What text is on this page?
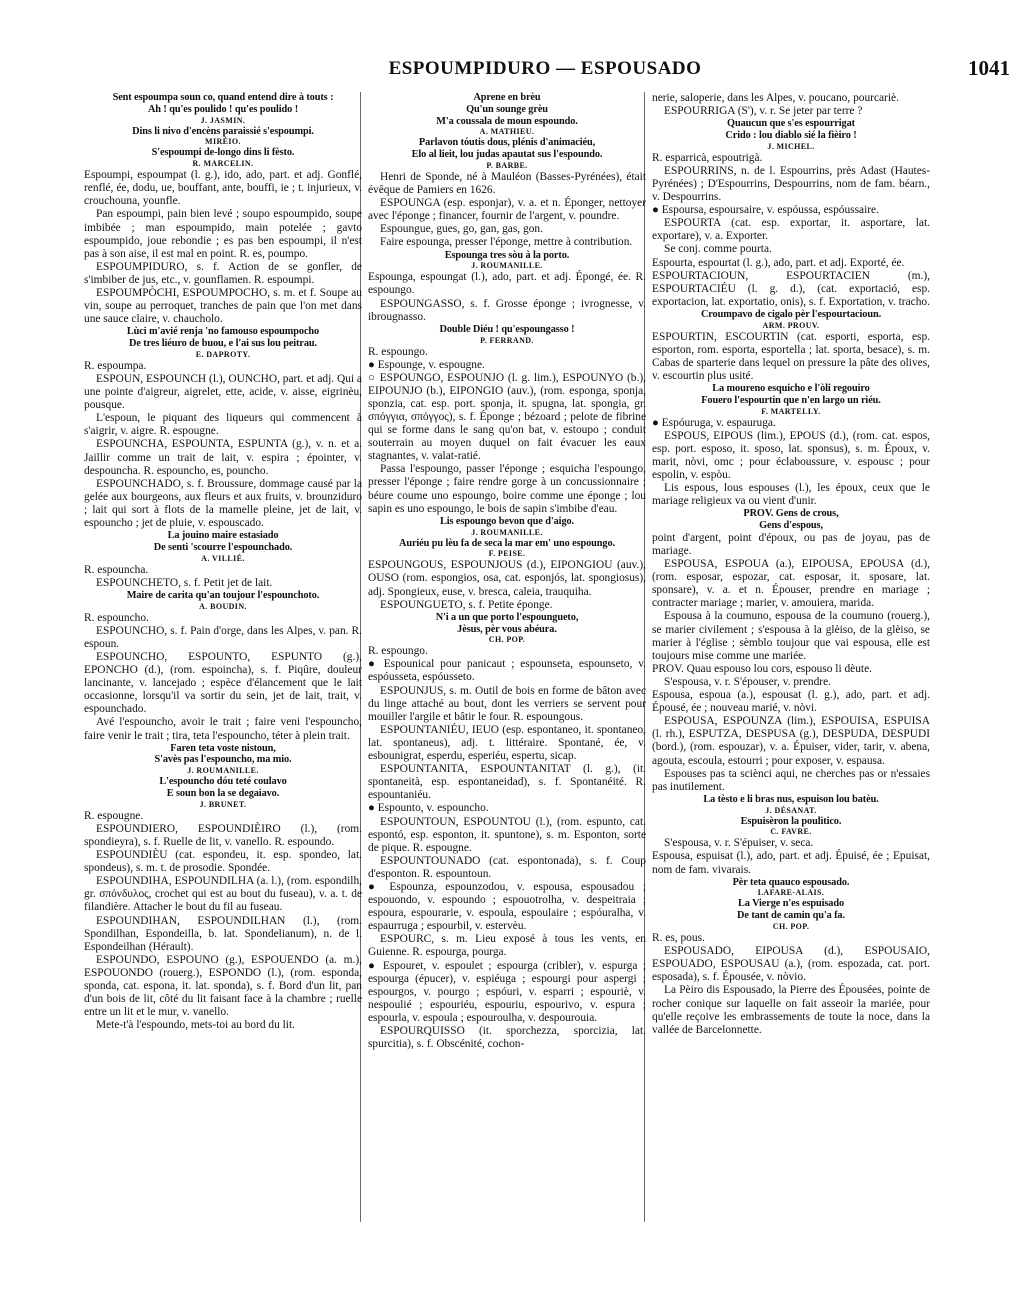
ESPOUMPIDURO — ESPOUSADO	1041

Sent espoumpa soun co, quand entend dire à touts :

Ah ! qu'es poulido ! qu'es poulido !

J. JASMIN.

Dins li nivo d'encèns paraissié s'espoumpi.

MIRÈIO.

S'espoumpi de-longo dins li fèsto.

R. MARCELIN.

Espoumpi, espoumpat (l. g.), ido, ado, part. et adj. Gonflé, renflé, ée, dodu, ue, bouffant, ante, bouffi, ie ; t. injurieux, v. crouchouna, younfle.

Pan espoumpi, pain bien levé ; soupo espoumpido, soupe imbibée ; man espoumpido, main potelée ; gavto espoumpido, joue rebondie ; es pas ben espoumpi, il n'est pas à son aise, il est mal en point. R. es, poumpo.

ESPOUMPIDURO, s. f. Action de se gonfler, de s'imbiber de jus, etc., v. gounflamen. R. espoumpi.

ESPOUMPÒCHI, ESPOUMPOCHO, s. m. et f. Soupe au vin, soupe au perroquet, tranches de pain que l'on met dans une sauce claire, v. chaucholo.

Lùci m'avié renja 'no famouso espoumpocho

De tres liéuro de buou, e l'ai sus lou peitrau.

E. DAPROTY.

R. espoumpa.

ESPOUN, ESPOUNCH (l.), OUNCHO, part. et adj. Qui a une pointe d'aigreur, aigrelet, ette, acide, v. aisse, eigrinèu, pousque.

L'espoun, le piquant des liqueurs qui commencent à s'aigrir, v. aigre. R. espougne.

ESPOUNCHA, ESPOUNTA, ESPUNTA (g.), v. n. et a. Jaillir comme un trait de lait, v. espira ; épointer, v. despouncha. R. espouncho, es, pouncho.

ESPOUNCHADO, s. f. Broussure, dommage causé par la gelée aux bourgeons, aux fleurs et aux fruits, v. brounziduro ; lait qui sort à flots de la mamelle pleine, jet de lait, v. espouncho ; jet de pluie, v. espouscado.

La jouino maire estasiado

De senti 'scourre l'espounchado.

A. VILLIÉ.

R. espouncha.

ESPOUNCHETO, s. f. Petit jet de lait.

Maire de carita qu'an toujour l'espounchoto.

A. BOUDIN.

R. espouncho.

ESPOUNCHO, s. f. Pain d'orge, dans les Alpes, v. pan. R. espoun.

ESPOUNCHO, ESPOUNTO, ESPUNTO (g.), EPONCHO (d.), (rom. espoincha), s. f. Piqûre, douleur lancinante, v. lancejado ; espèce d'élancement que le lait occasionne, lorsqu'il va sortir du sein, jet de lait, trait, v. espounchado.

Avé l'espouncho, avoir le trait ; faire veni l'espouncho, faire venir le trait ; tira, teta l'espouncho, téter à plein trait.

Faren teta voste nistoun,

S'avès pas l'espouncho, ma mio.

J. ROUMANILLE.

L'espouncho dóu teté coulavo

E soun bon la se degaiavo.

J. BRUNET.

R. espougne.

ESPOUNDIERO, ESPOUNDIÈIRO (l.), (rom. spondieyra), s. f. Ruelle de lit, v. vanello. R. espoundo.

ESPOUNDIÈU (cat. espondeu, it. esp. spondeo, lat. spondeus), s. m. t. de prosodie. Spondée.

ESPOUNDIHA, ESPOUNDILHA (a. l.), (rom. espondilh, gr. σπόνδυλος, crochet qui est au bout du fuseau), v. a. t. de filandière. Attacher le bout du fil au fuseau.

ESPOUNDIHAN, ESPOUNDILHAN (l.), (rom. Spondilhan, Espondeilla, b. lat. Spondelianum), n. de l. Espondeilhan (Hérault).

ESPOUNDO, ESPOUNO (g.), ESPOUENDO (a. m.), ESPOUONDO (rouerg.), ESPONDO (l.), (rom. esponda, sponda, cat. espona, it. lat. sponda), s. f. Bord d'un lit, pan d'un bois de lit, côté du lit faisant face à la chambre ; ruelle entre un lit et le mur, v. vanello.

Mete-t'à l'espoundo, mets-toi au bord du lit.

Aprene en brèu

Qu'un sounge grèu

M'a coussala de moun espoundo.

A. MATHIEU.

Parlavon tóutis dous, plénis d'animaciéu,

Elo al lieit, lou judas apautat sus l'espoundo.

P. BARBE.

Henri de Sponde, né à Mauléon (Basses-Pyrénées), était évêque de Pamiers en 1626.

ESPOUNGA (esp. esponjar), v. a. et n. Éponger, nettoyer avec l'éponge ; financer, fournir de l'argent, v. poundre.

Espoungue, gues, go, gan, gas, gon.

Faire espounga, presser l'éponge, mettre à contribution.

Espounga tres sòu à la porto.

J. ROUMANILLE.

Espounga, espoungat (l.), ado, part. et adj. Épongé, ée. R. espoungo.

ESPOUNGASSO, s. f. Grosse éponge ; ivrognesse, v. ibrougnasso.

Double Diéu ! qu'espoungasso !

P. FERRAND.

R. espoungo.

● Espounge, v. espougne.

○ ESPOUNGO, ESPOUNJO (l. g. lim.), ESPOUNYO (b.), EIPOUNJO (b.), EIPONGIO (auv.), (rom. esponga, sponja, sponzia, cat. esp. port. sponja, it. spugna, lat. spongia, gr. σπόγγια, σπόγγος), s. f. Éponge ; bézoard ; pelote de fibrine qui se forme dans le sang qu'on bat, v. estoupo ; conduit souterrain au moyen duquel on fait évacuer les eaux stagnantes, v. valat-ratié.

Passa l'espoungo, passer l'éponge ; esquicha l'espoungo, presser l'éponge ; faire rendre gorge à un concussionnaire ; béure coume uno espoungo, boire comme une éponge ; lou sapin es uno espoungo, le bois de sapin s'imbibe d'eau.

Lis espoungo bevon que d'aigo.

J. ROUMANILLE.

Auriéu pu lèu fa de seca la mar em' uno espoungo.

F. PEISE.

ESPOUNGOUS, ESPOUNJOUS (d.), EIPONGIOU (auv.), OUSO (rom. espongios, osa, cat. esponjós, lat. spongiosus), adj. Spongieux, euse, v. bresca, caleia, trauquiha.

ESPOUNGUETO, s. f. Petite éponge.

N'i a un que porto l'espoungueto,

Jèsus, pèr vous abéura.

CH. POP.

R. espoungo.

● Espounical pour panicaut ; espounseta, espounseto, v. espóusseta, espóusseto.

ESPOUNJUS, s. m. Outil de bois en forme de bâton avec du linge attaché au bout, dont les verriers se servent pour mouiller l'argile et bâtir le four. R. espoungous.

ESPOUNTANIÉU, IEUO (esp. espontaneo, it. spontaneo, lat. spontaneus), adj. t. littéraire. Spontané, ée, v. esbounigrat, esperdu, esperiéu, espertu, sicap.

ESPOUNTANITA, ESPOUNTANITAT (l. g.), (it. spontaneità, esp. espontaneidad), s. f. Spontanéité. R. espountaniéu.

● Espounto, v. espouncho.

ESPOUNTOUN, ESPOUNTOU (l.), (rom. espunto, cat. espontó, esp. esponton, it. spuntone), s. m. Esponton, sorte de pique. R. espougne.

ESPOUNTOUNADO (cat. espontonada), s. f. Coup d'esponton. R. espountoun.

● Espounza, espounzodou, v. espousa, espousadou ; espouondo, v. espoundo ; espouotrolha, v. despeitraia ; espoura, espourarie, v. espoula, espoulaire ; espóuralha, v. espaurruga ; espourbil, v. estervèu.

ESPOURC, s. m. Lieu exposé à tous les vents, en Guienne. R. espourga, pourga.

● Espouret, v. espoulet ; espourga (cribler), v. espurga ; espourga (épucer), v. espiéuga ; espourgi pour aspergi ; espourgos, v. pourgo ; espóuri, v. esparri ; espouriè, v. nespoulié ; espouriéu, espouriu, espourivo, v. espura ; espourla, v. espoula ; espouroulha, v. despourouia.

ESPOURQUISSO (it. sporchezza, sporcizia, lat. spurcitia), s. f. Obscénité, cochon-

nerie, saloperie, dans les Alpes, v. poucano, pourcariè.

ESPOURRIGA (S'), v. r. Se jeter par terre ?

Quaucun que s'es espourrigat

Crido : lou diablo sié la fièiro !

J. MICHEL.

R. esparricà, espoutrigà.

ESPOURRINS, n. de l. Espourrins, près Adast (Hautes-Pyrénées) ; D'Espourrins, Despourrins, nom de fam. béarn., v. Despourrins.

● Espoursa, espoursaire, v. espóussa, espóussaire.

ESPOURTA (cat. esp. exportar, it. asportare, lat. exportare), v. a. Exporter.

Se conj. comme pourta.

Espourta, espourtat (l. g.), ado, part. et adj. Exporté, ée.

ESPOURTACIOUN, ESPOURTACIEN (m.), ESPOURTACIÉU (l. g. d.), (cat. exportació, esp. exportacion, lat. exportatio, onis), s. f. Exportation, v. tracho.

Croumpavo de cigalo pèr l'espourtacioun.

ARM. PROUV.

ESPOURTIN, ESCOURTIN (cat. esporti, esporta, esp. esporton, rom. esporta, esportella ; lat. sporta, besace), s. m. Cabas de sparterie dans lequel on pressure la pâte des olives, v. escourtin plus usité.

La moureno esquicho e l'òli regouiro

Fouero l'espourtin que n'en largo un riéu.

F. MARTELLY.

● Espóuruga, v. espauruga.

ESPOUS, EIPOUS (lim.), EPOUS (d.), (rom. cat. espos, esp. port. esposo, it. sposo, lat. sponsus), s. m. Époux, v. marit, nòvi, omc ; pour éclaboussure, v. espousc ; pour espolin, v. espòu.

Lis espous, lous espouses (l.), les époux, ceux que le mariage religieux va ou vient d'unir.

PROV. Gens de crous,

Gens d'espous,

point d'argent, point d'époux, ou pas de joyau, pas de mariage.

ESPOUSA, ESPOUA (a.), EIPOUSA, EPOUSA (d.), (rom. esposar, espozar, cat. esposar, it. sposare, lat. sponsare), v. a. et n. Épouser, prendre en mariage ; contracter mariage ; marier, v. amouiera, marida.

Espousa à la coumuno, espousa de la coumuno (rouerg.), se marier civilement ; s'espousa à la glèiso, de la glèiso, se marier à l'église ; sèmblo toujour que vai espousa, elle est toujours mise comme une mariée.

PROV. Quau espouso lou cors, espouso li dèute.

S'espousa, v. r. S'épouser, v. prendre.

Espousa, espoua (a.), espousat (l. g.), ado, part. et adj. Épousé, ée ; nouveau marié, v. nòvi.

ESPOUSA, ESPOUNZA (lim.), ESPOUISA, ESPUISA (l. rh.), ESPUTZA, DESPUSA (g.), DESPUDA, DESPUDI (bord.), (rom. espouzar), v. a. Épuiser, vider, tarir, v. abena, agouta, escoula, estourri ; pour exposer, v. espausa.

Espouses pas ta sciènci aqui, ne cherches pas or n'essaies pas inutilement.

La tèsto e li bras nus, espuison lou batèu.

J. DÉSANAT.

Espuisèron la poulitico.

C. FAVRE.

S'espousa, v. r. S'épuiser, v. seca.

Espousa, espuisat (l.), ado, part. et adj. Épuisé, ée ; Epuisat, nom de fam. vivarais.

Pèr teta quauco espousado.

LAFARE-ALAIS.

La Vierge n'es espuisado

De tant de camin qu'a fa.

CH. POP.

R. es, pous.

ESPOUSADO, EIPOUSA (d.), ESPOUSAIO, ESPOUADO, ESPOUSAU (a.), (rom. espozada, cat. port. esposada), s. f. Épousée, v. nòvio.

La Pèiro dis Espousado, la Pierre des Épousées, pointe de rocher conique sur laquelle on fait asseoir la mariée, pour qu'elle reçoive les embrassements de toute la noce, dans la vallée de Barcelonnette.
